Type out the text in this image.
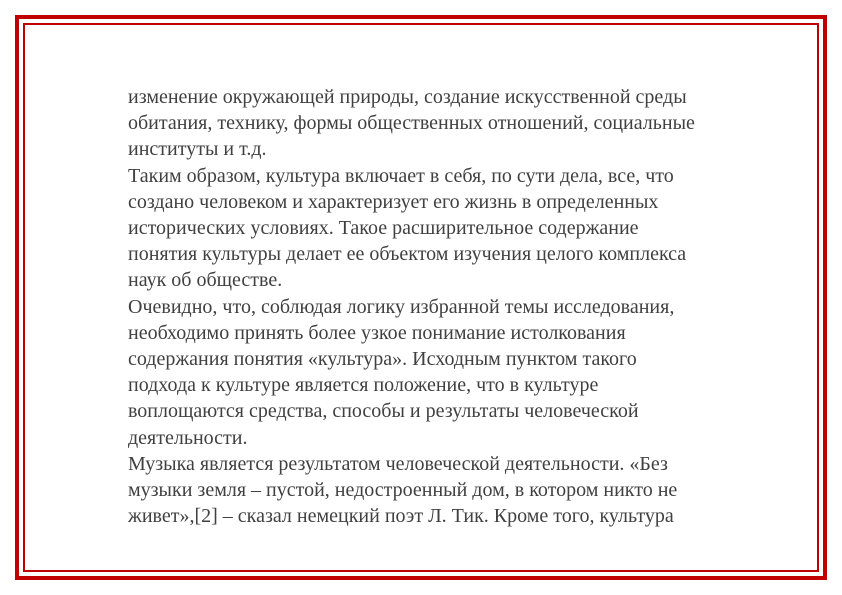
изменение окружающей природы, создание искусственной среды
обитания, технику, формы общественных отношений, социальные
институты и т.д.
Таким образом, культура включает в себя, по сути дела, все, что
создано человеком и характеризует его жизнь в определенных
исторических условиях. Такое расширительное содержание
понятия культуры делает ее объектом изучения целого комплекса
наук об обществе.
Очевидно, что, соблюдая логику избранной темы исследования,
необходимо принять более узкое понимание истолкования
содержания понятия «культура». Исходным пунктом такого
подхода к культуре является положение, что в культуре
воплощаются средства, способы и результаты человеческой
деятельности.
Музыка является результатом человеческой деятельности. «Без
музыки земля – пустой, недостроенный дом, в котором никто не
живет»,[2] – сказал немецкий поэт Л. Тик. Кроме того, культура
